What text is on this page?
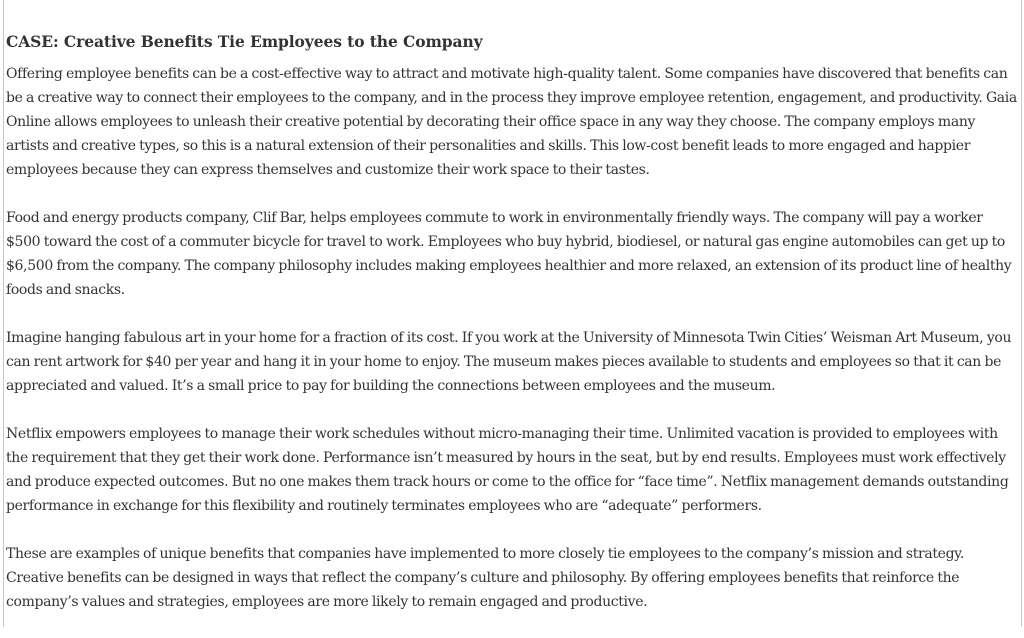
CASE: Creative Benefits Tie Employees to the Company

Offering employee benefits can be a cost-effective way to attract and motivate high-quality talent. Some companies have discovered that benefits can be a creative way to connect their employees to the company, and in the process they improve employee retention, engagement, and productivity. Gaia Online allows employees to unleash their creative potential by decorating their office space in any way they choose. The company employs many artists and creative types, so this is a natural extension of their personalities and skills. This low-cost benefit leads to more engaged and happier employees because they can express themselves and customize their work space to their tastes.

Food and energy products company, Clif Bar, helps employees commute to work in environmentally friendly ways. The company will pay a worker $500 toward the cost of a commuter bicycle for travel to work. Employees who buy hybrid, biodiesel, or natural gas engine automobiles can get up to $6,500 from the company. The company philosophy includes making employees healthier and more relaxed, an extension of its product line of healthy foods and snacks.

Imagine hanging fabulous art in your home for a fraction of its cost. If you work at the University of Minnesota Twin Cities’ Weisman Art Museum, you can rent artwork for $40 per year and hang it in your home to enjoy. The museum makes pieces available to students and employees so that it can be appreciated and valued. It’s a small price to pay for building the connections between employees and the museum.

Netflix empowers employees to manage their work schedules without micro-managing their time. Unlimited vacation is provided to employees with the requirement that they get their work done. Performance isn’t measured by hours in the seat, but by end results. Employees must work effectively and produce expected outcomes. But no one makes them track hours or come to the office for “face time”. Netflix management demands outstanding performance in exchange for this flexibility and routinely terminates employees who are “adequate” performers.

These are examples of unique benefits that companies have implemented to more closely tie employees to the company’s mission and strategy. Creative benefits can be designed in ways that reflect the company’s culture and philosophy. By offering employees benefits that reinforce the company’s values and strategies, employees are more likely to remain engaged and productive.
